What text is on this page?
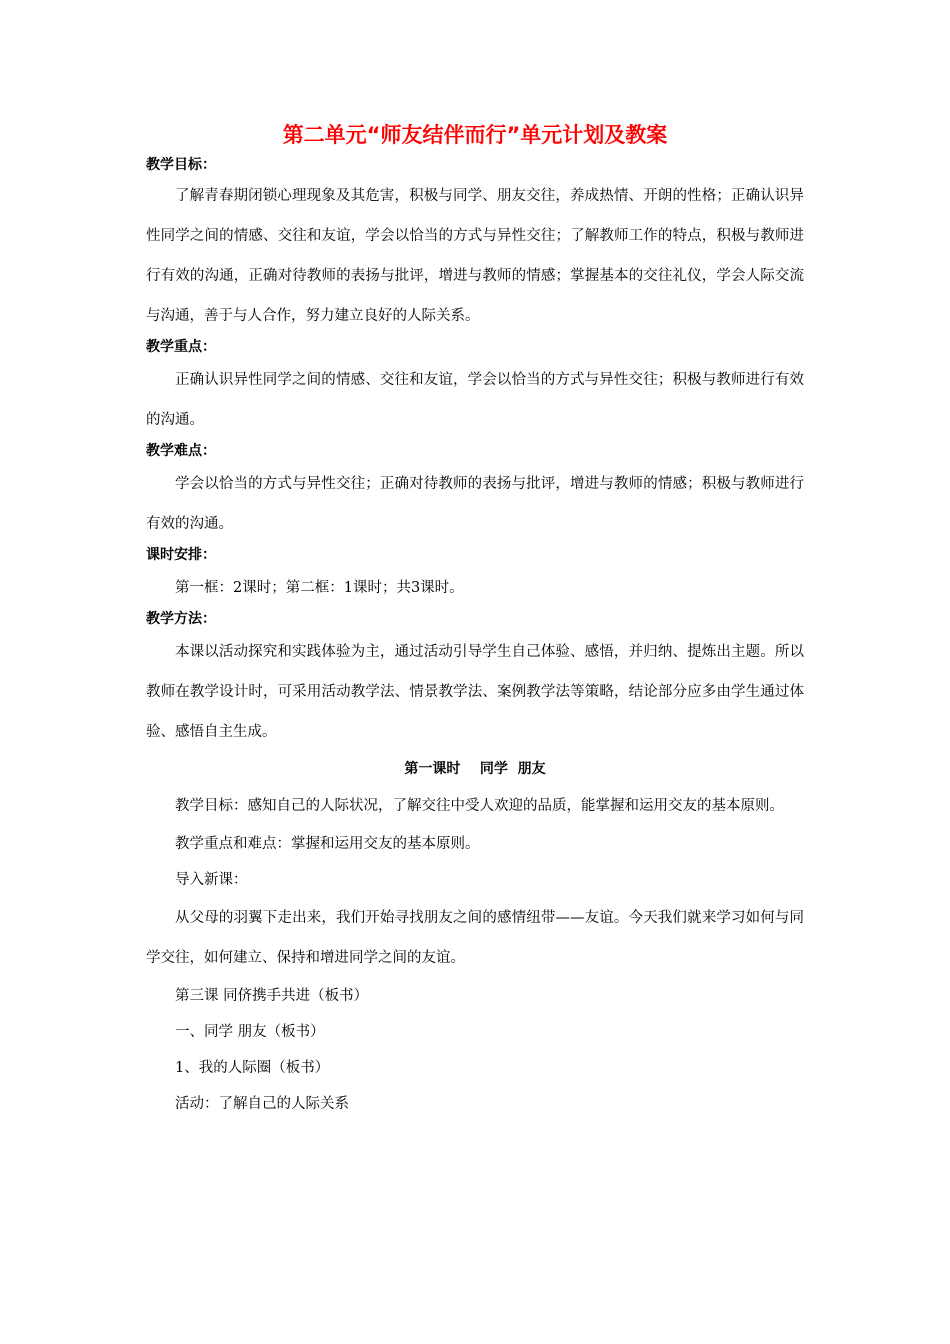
第二单元“师友结伴而行”单元计划及教案
教学目标：

了解青春期闭锁心理现象及其危害，积极与同学、朋友交往，养成热情、开朗的性格；正确认识异性同学之间的情感、交往和友谊，学会以恰当的方式与异性交往；了解教师工作的特点，积极与教师进行有效的沟通，正确对待教师的表扬与批评，增进与教师的情感；掌握基本的交往礼仪，学会人际交流与沟通，善于与人合作，努力建立良好的人际关系。

教学重点：

正确认识异性同学之间的情感、交往和友谊，学会以恰当的方式与异性交往；积极与教师进行有效的沟通。

教学难点：

学会以恰当的方式与异性交往；正确对待教师的表扬与批评，增进与教师的情感；积极与教师进行有效的沟通。

课时安排：

第一框：2课时；第二框：1课时；共3课时。

教学方法：

本课以活动探究和实践体验为主，通过活动引导学生自己体验、感悟，并归纳、提炼出主题。所以教师在教学设计时，可采用活动教学法、情景教学法、案例教学法等策略，结论部分应多由学生通过体验、感悟自主生成。

第一课时    同学  朋友

教学目标：感知自己的人际状况，了解交往中受人欢迎的品质，能掌握和运用交友的基本原则。

教学重点和难点：掌握和运用交友的基本原则。

导入新课：

从父母的羽翼下走出来，我们开始寻找朋友之间的感情纽带——友谊。今天我们就来学习如何与同学交往，如何建立、保持和增进同学之间的友谊。

第三课 同侪携手共进（板书）

一、同学 朋友（板书）

1、我的人际圈（板书）

活动：了解自己的人际关系
